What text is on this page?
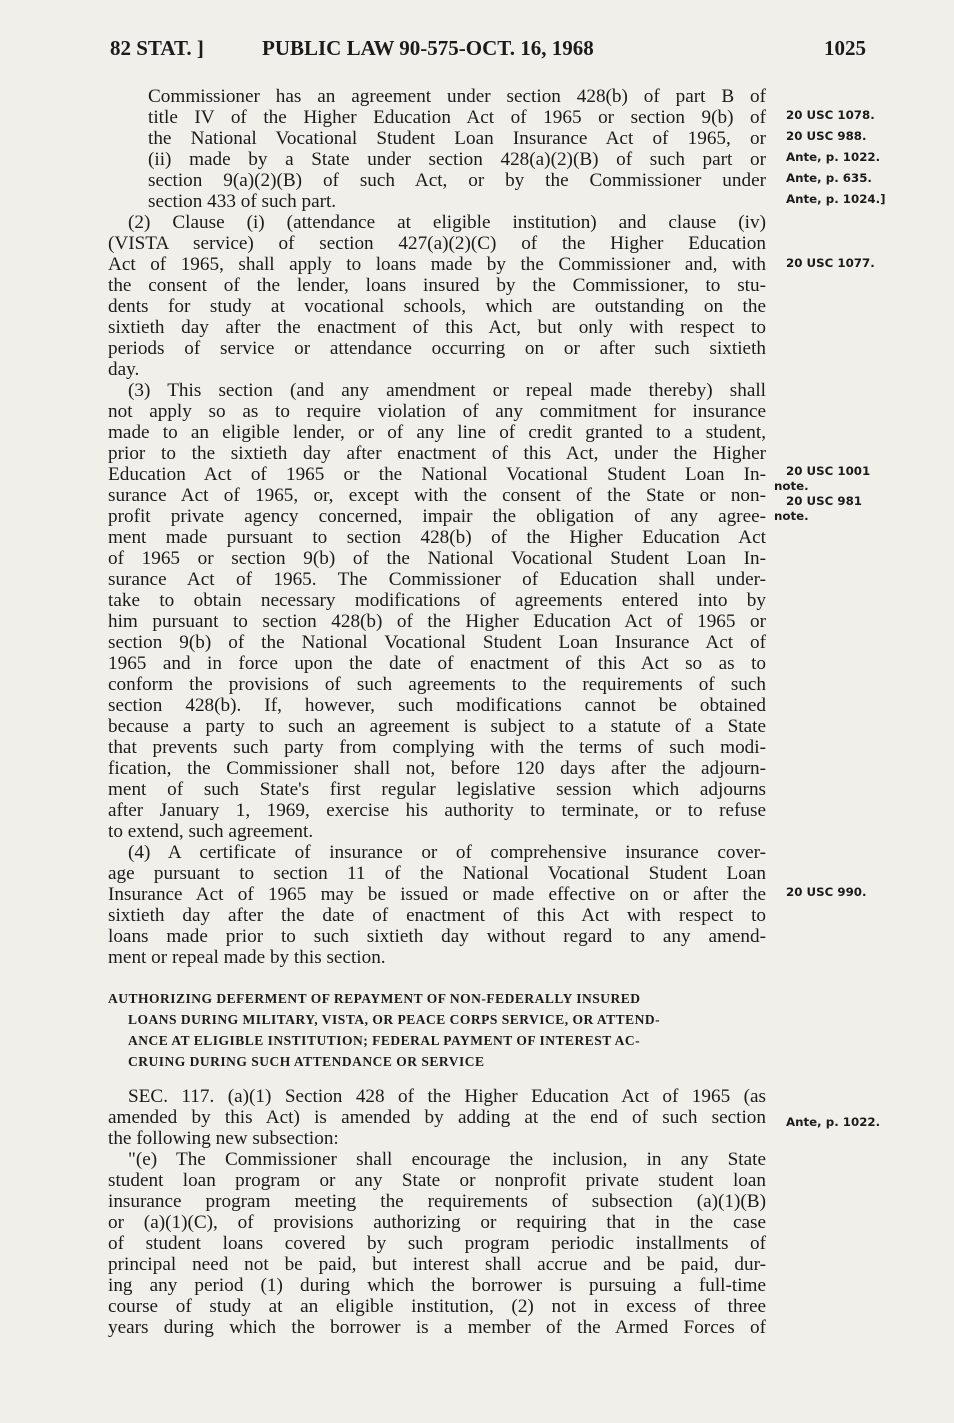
82 STAT. ]	PUBLIC LAW 90-575-OCT. 16, 1968	1025
Commissioner has an agreement under section 428(b) of part B of
title IV of the Higher Education Act of 1965 or section 9(b) of
the National Vocational Student Loan Insurance Act of 1965, or
(ii) made by a State under section 428(a)(2)(B) of such part or
section 9(a)(2)(B) of such Act, or by the Commissioner under
section 433 of such part.
(2) Clause (i) (attendance at eligible institution) and clause (iv)
(VISTA service) of section 427(a)(2)(C) of the Higher Education
Act of 1965, shall apply to loans made by the Commissioner and, with
the consent of the lender, loans insured by the Commissioner, to stu-
dents for study at vocational schools, which are outstanding on the
sixtieth day after the enactment of this Act, but only with respect to
periods of service or attendance occurring on or after such sixtieth
day.
(3) This section (and any amendment or repeal made thereby) shall
not apply so as to require violation of any commitment for insurance
made to an eligible lender, or of any line of credit granted to a student,
prior to the sixtieth day after enactment of this Act, under the Higher
Education Act of 1965 or the National Vocational Student Loan In-
surance Act of 1965, or, except with the consent of the State or non-
profit private agency concerned, impair the obligation of any agree-
ment made pursuant to section 428(b) of the Higher Education Act
of 1965 or section 9(b) of the National Vocational Student Loan In-
surance Act of 1965. The Commissioner of Education shall under-
take to obtain necessary modifications of agreements entered into by
him pursuant to section 428(b) of the Higher Education Act of 1965 or
section 9(b) of the National Vocational Student Loan Insurance Act of
1965 and in force upon the date of enactment of this Act so as to
conform the provisions of such agreements to the requirements of such
section 428(b). If, however, such modifications cannot be obtained
because a party to such an agreement is subject to a statute of a State
that prevents such party from complying with the terms of such modi-
fication, the Commissioner shall not, before 120 days after the adjourn-
ment of such State's first regular legislative session which adjourns
after January 1, 1969, exercise his authority to terminate, or to refuse
to extend, such agreement.
(4) A certificate of insurance or of comprehensive insurance cover-
age pursuant to section 11 of the National Vocational Student Loan
Insurance Act of 1965 may be issued or made effective on or after the
sixtieth day after the date of enactment of this Act with respect to
loans made prior to such sixtieth day without regard to any amend-
ment or repeal made by this section.
AUTHORIZING DEFERMENT OF REPAYMENT OF NON-FEDERALLY INSURED
LOANS DURING MILITARY, VISTA, OR PEACE CORPS SERVICE, OR ATTEND-
ANCE AT ELIGIBLE INSTITUTION; FEDERAL PAYMENT OF INTEREST AC-
CRUING DURING SUCH ATTENDANCE OR SERVICE
SEC. 117. (a)(1) Section 428 of the Higher Education Act of 1965 (as
amended by this Act) is amended by adding at the end of such section
the following new subsection:
"(e) The Commissioner shall encourage the inclusion, in any State
student loan program or any State or nonprofit private student loan
insurance program meeting the requirements of subsection (a)(1)(B)
or (a)(1)(C), of provisions authorizing or requiring that in the case
of student loans covered by such program periodic installments of
principal need not be paid, but interest shall accrue and be paid, dur-
ing any period (1) during which the borrower is pursuing a full-time
course of study at an eligible institution, (2) not in excess of three
years during which the borrower is a member of the Armed Forces of
20 USC 1078.
20 USC 988.
Ante, p. 1022.
Ante, p. 635.
Ante, p. 1024.]
20 USC 1077.
20 USC 1001
note.
20 USC 981
note.
20 USC 990.
Ante, p. 1022.
